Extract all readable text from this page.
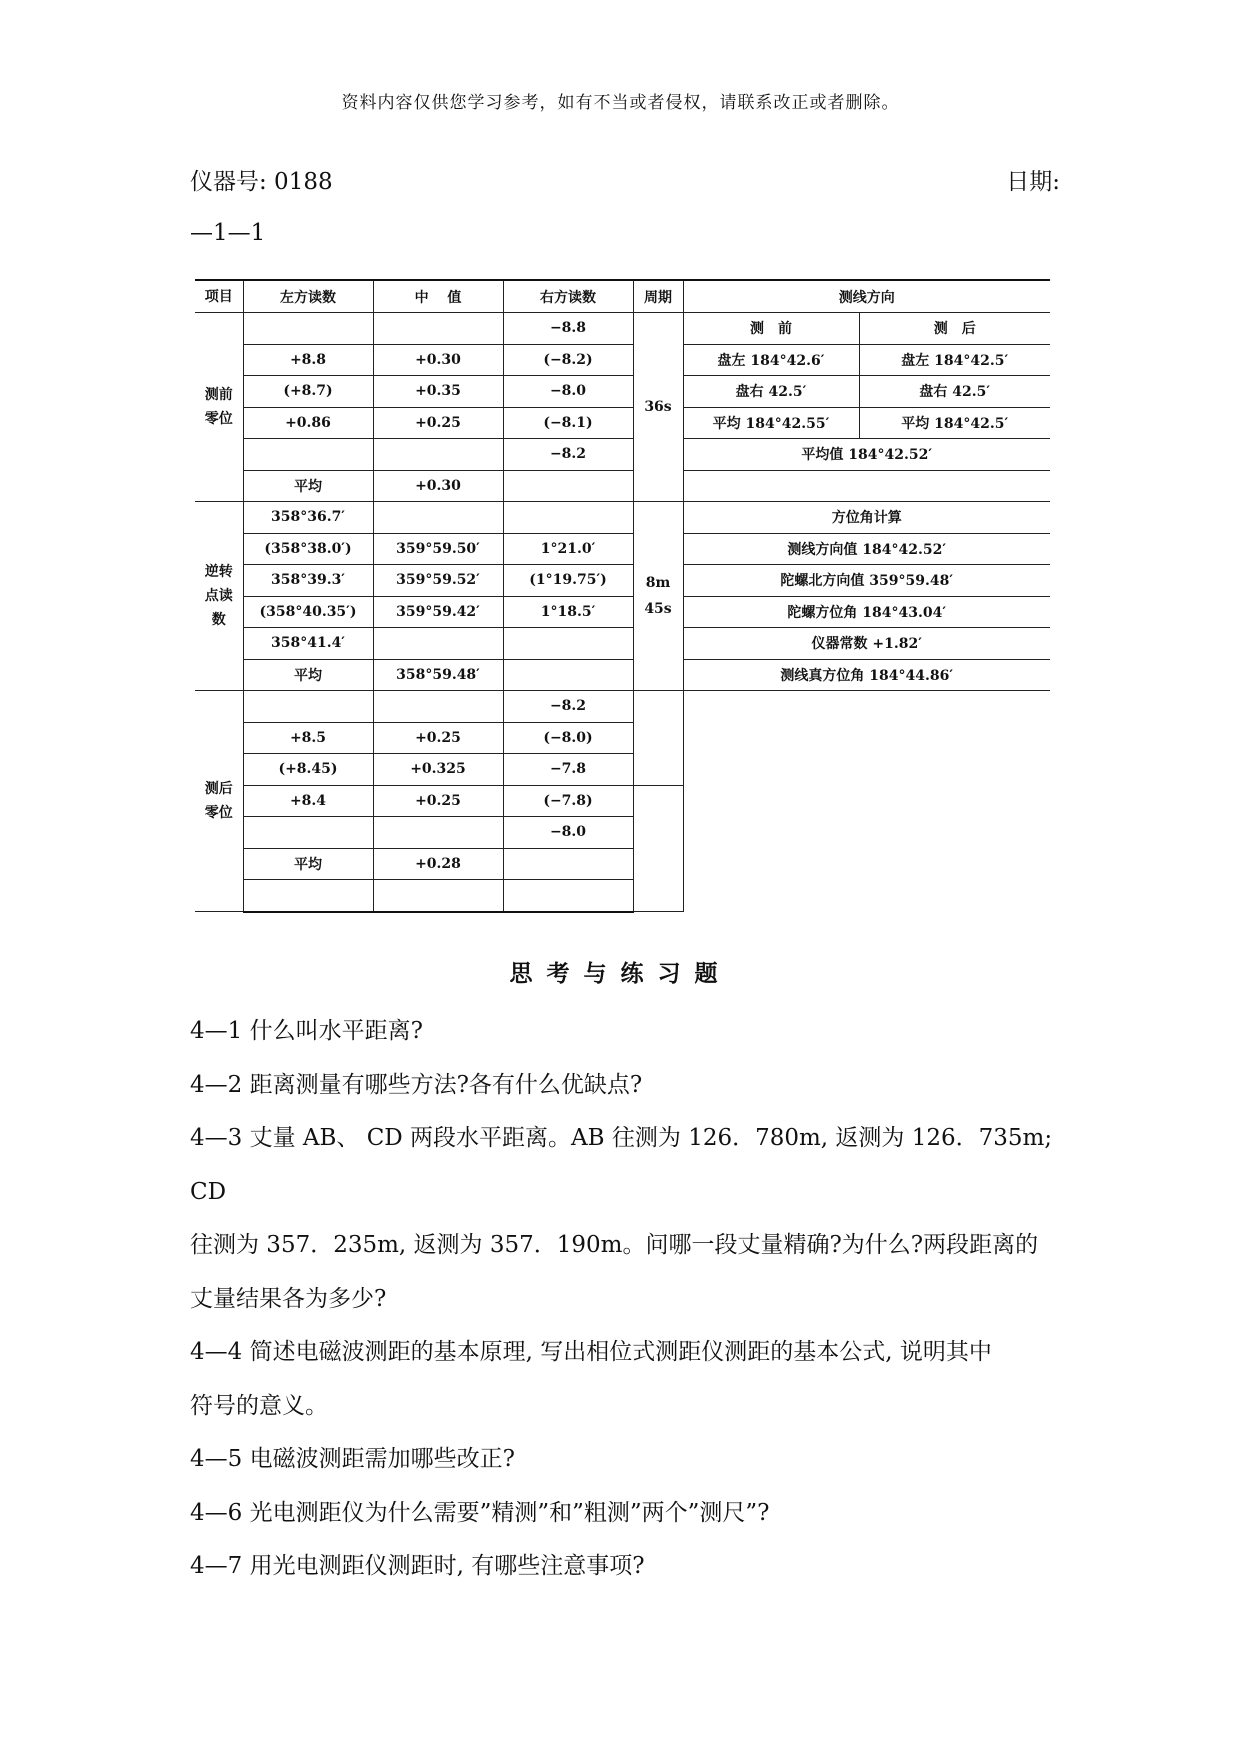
资料内容仅供您学习参考，如有不当或者侵权，请联系改正或者删除。
仪器号: 0188	日期:
—1—1
项目	左方读数	中　 值	右方读数	周期	测线方向	
测前零位			−8.8	36s	测　前	测　后
	+8.8	+0.30	(−8.2)		盘左 184°42.6′	盘左 184°42.5′
	(+8.7)	+0.35	−8.0		盘右 42.5′	盘右 42.5′
	+0.86	+0.25	(−8.1)		平均 184°42.55′	平均 184°42.5′
			−8.2		平均值 184°42.52′	
	平均	+0.30				
逆转点读数	358°36.7′			8m 45s	方位角计算	
	(358°38.0′)	359°59.50′	1°21.0′		测线方向值 184°42.52′	
	358°39.3′	359°59.52′	(1°19.75′)		陀螺北方向值 359°59.48′	
	(358°40.35′)	359°59.42′	1°18.5′		陀螺方位角 184°43.04′	
	358°41.4′				仪器常数 +1.82′	
	平均	358°59.48′			测线真方位角 184°44.86′	
测后零位			−8.2			
	+8.5	+0.25	(−8.0)			
	(+8.45)	+0.325	−7.8			
	+8.4	+0.25	(−7.8)			
			−8.0			
	平均	+0.28				

思考与练习题

4—1 什么叫水平距离?

4—2 距离测量有哪些方法?各有什么优缺点?

4—3 丈量 AB、 CD 两段水平距离。AB 往测为 126．780m, 返测为 126．735m; CD

往测为 357．235m, 返测为 357．190m。问哪一段丈量精确?为什么?两段距离的

丈量结果各为多少?

4—4 简述电磁波测距的基本原理, 写出相位式测距仪测距的基本公式, 说明其中

符号的意义。

4—5 电磁波测距需加哪些改正?

4—6 光电测距仪为什么需要”精测”和”粗测”两个”测尺”?

4—7 用光电测距仪测距时, 有哪些注意事项?
